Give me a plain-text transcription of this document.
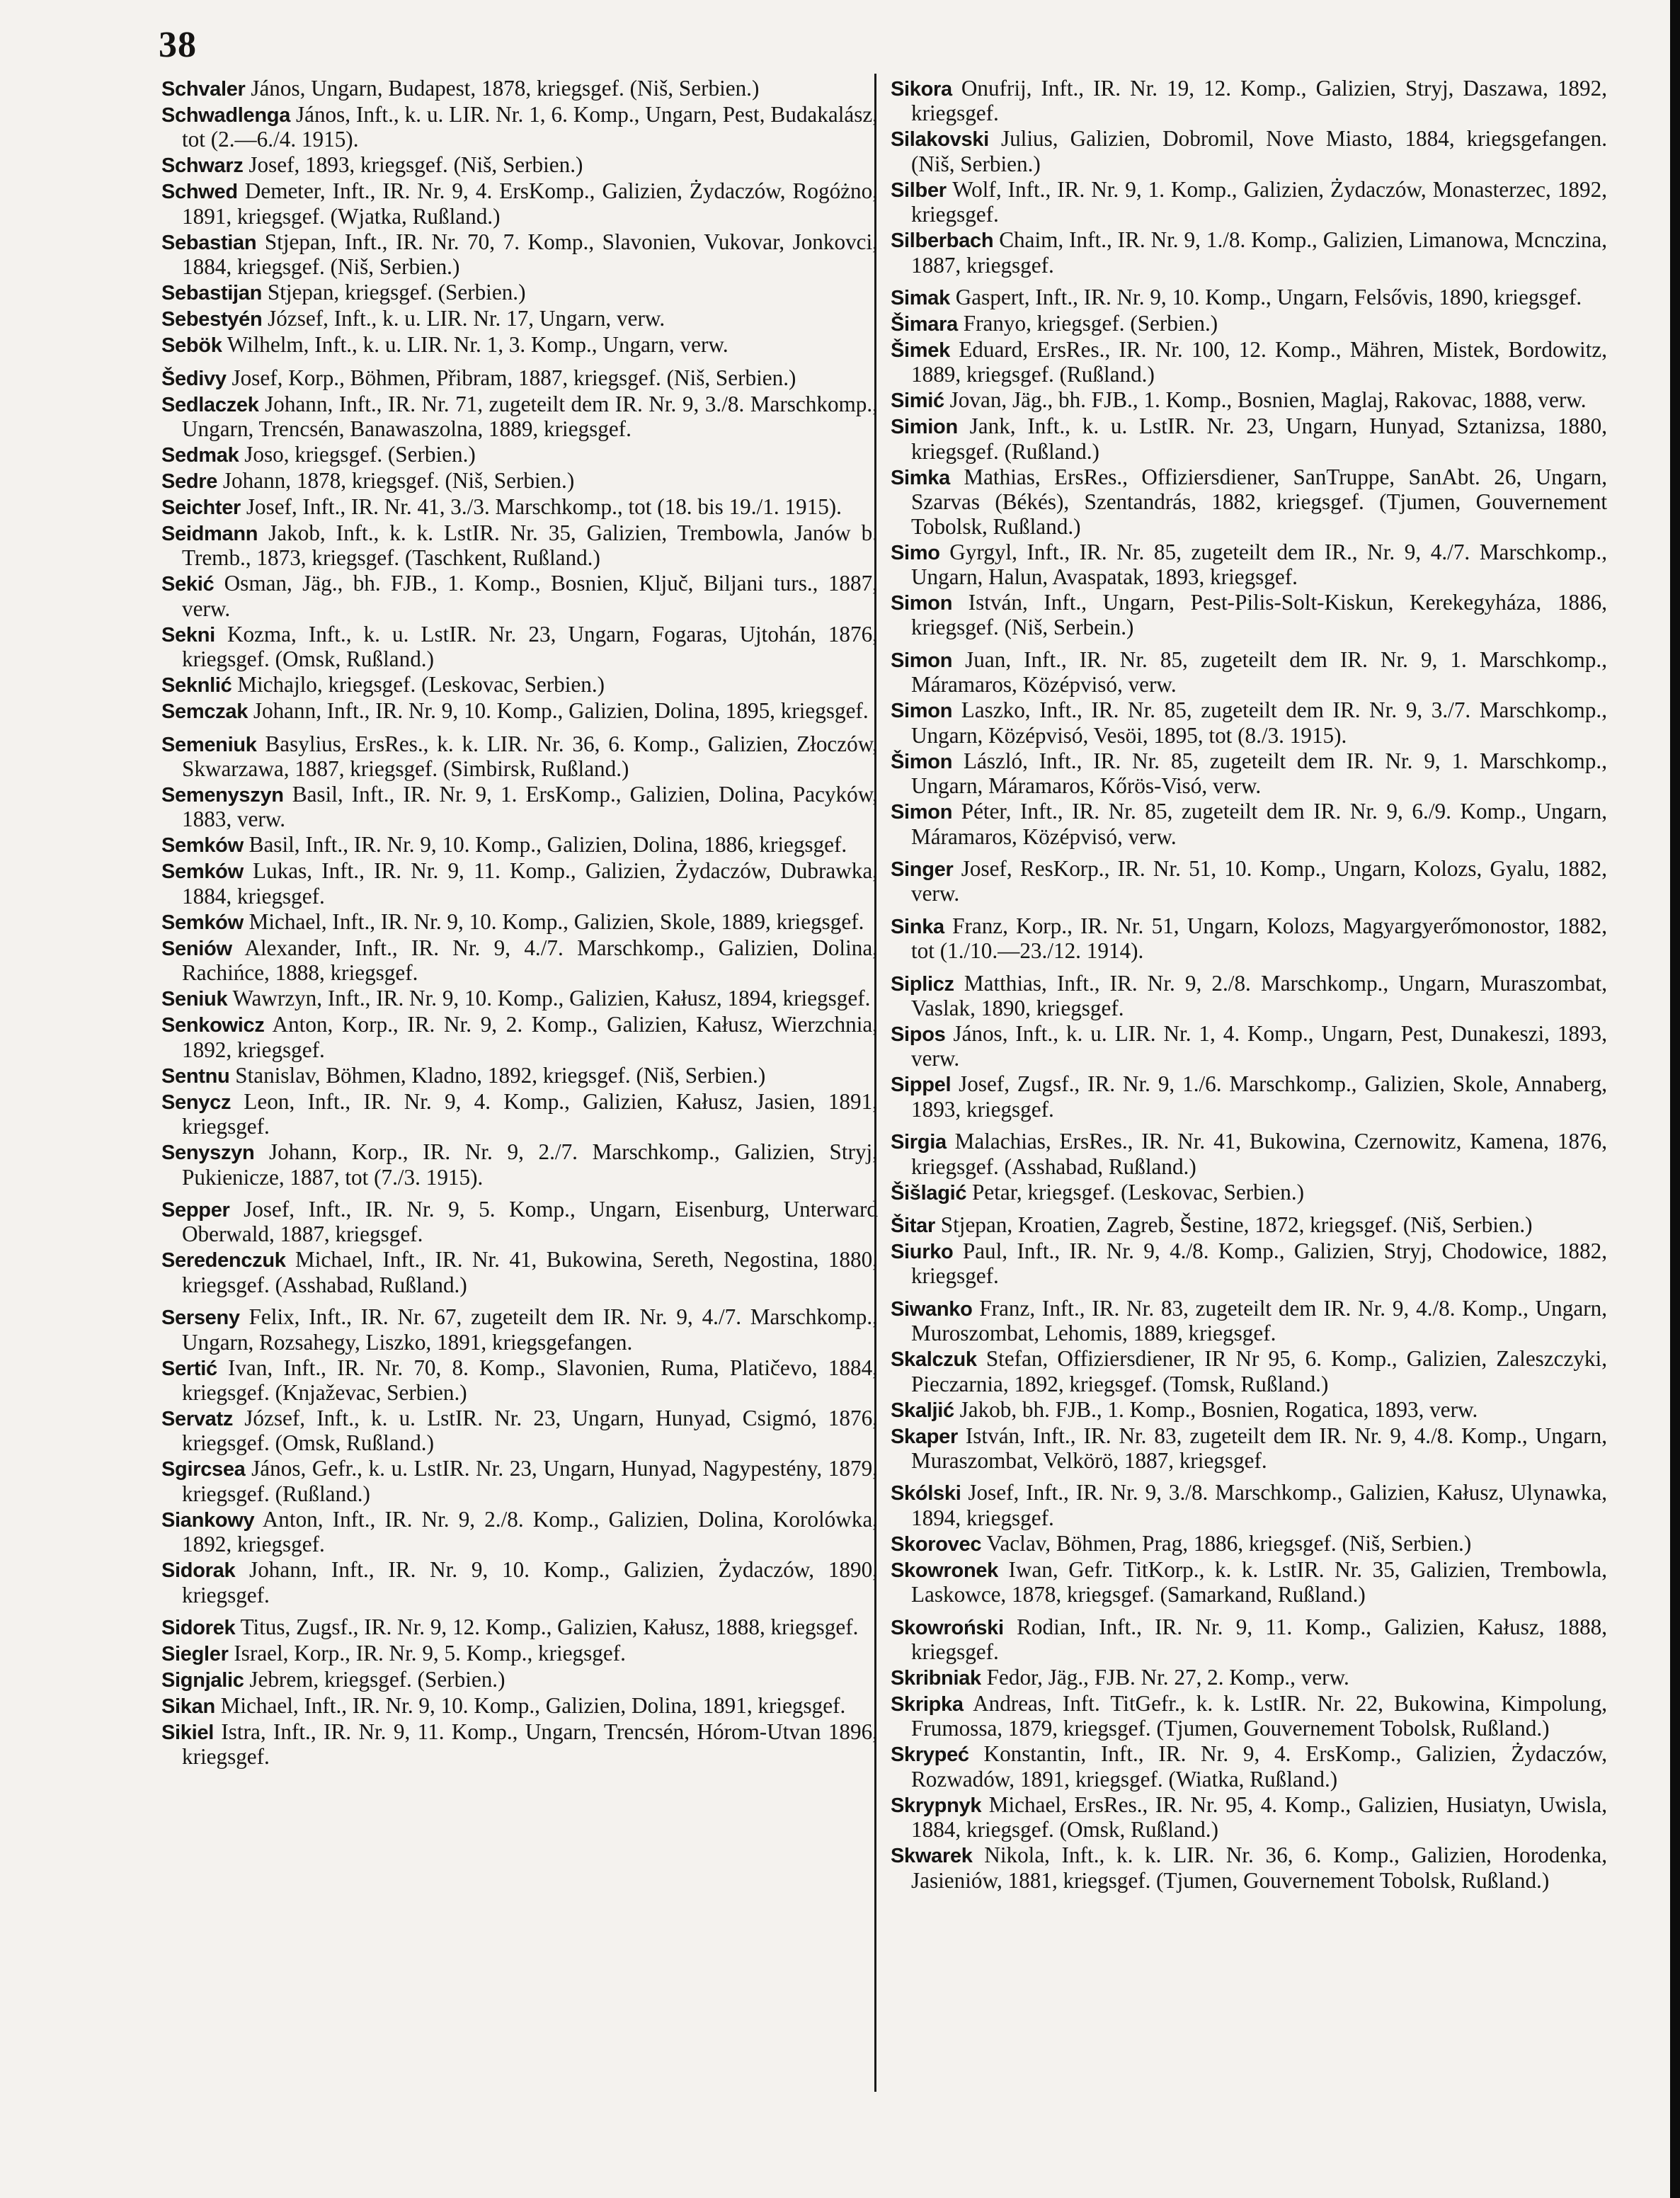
38

Schvaler János, Ungarn, Budapest, 1878, kriegsgef. (Niš, Serbien.)

Schwadlenga János, Inft., k. u. LIR. Nr. 1, 6. Komp., Ungarn, Pest, Budakalász, tot (2.—6./4. 1915).

Schwarz Josef, 1893, kriegsgef. (Niš, Serbien.)

Schwed Demeter, Inft., IR. Nr. 9, 4. ErsKomp., Galizien, Żydaczów, Rogóżno, 1891, kriegsgef. (Wjatka, Rußland.)

Sebastian Stjepan, Inft., IR. Nr. 70, 7. Komp., Slavonien, Vukovar, Jonkovci, 1884, kriegsgef. (Niš, Serbien.)

Sebastijan Stjepan, kriegsgef. (Serbien.)

Sebestyén József, Inft., k. u. LIR. Nr. 17, Ungarn, verw.

Sebök Wilhelm, Inft., k. u. LIR. Nr. 1, 3. Komp., Ungarn, verw.

Šedivy Josef, Korp., Böhmen, Přibram, 1887, kriegsgef. (Niš, Serbien.)

Sedlaczek Johann, Inft., IR. Nr. 71, zugeteilt dem IR. Nr. 9, 3./8. Marschkomp., Ungarn, Trencsén, Banawaszolna, 1889, kriegsgef.

Sedmak Joso, kriegsgef. (Serbien.)

Sedre Johann, 1878, kriegsgef. (Niš, Serbien.)

Seichter Josef, Inft., IR. Nr. 41, 3./3. Marschkomp., tot (18. bis 19./1. 1915).

Seidmann Jakob, Inft., k. k. LstIR. Nr. 35, Galizien, Trembowla, Janów b. Tremb., 1873, kriegsgef. (Taschkent, Rußland.)

Sekić Osman, Jäg., bh. FJB., 1. Komp., Bosnien, Ključ, Biljani turs., 1887, verw.

Sekni Kozma, Inft., k. u. LstIR. Nr. 23, Ungarn, Fogaras, Ujtohán, 1876, kriegsgef. (Omsk, Rußland.)

Seknlić Michajlo, kriegsgef. (Leskovac, Serbien.)

Semczak Johann, Inft., IR. Nr. 9, 10. Komp., Galizien, Dolina, 1895, kriegsgef.

Semeniuk Basylius, ErsRes., k. k. LIR. Nr. 36, 6. Komp., Galizien, Złoczów, Skwarzawa, 1887, kriegsgef. (Simbirsk, Rußland.)

Semenyszyn Basil, Inft., IR. Nr. 9, 1. ErsKomp., Galizien, Dolina, Pacyków, 1883, verw.

Semków Basil, Inft., IR. Nr. 9, 10. Komp., Galizien, Dolina, 1886, kriegsgef.

Semków Lukas, Inft., IR. Nr. 9, 11. Komp., Galizien, Żydaczów, Dubrawka, 1884, kriegsgef.

Semków Michael, Inft., IR. Nr. 9, 10. Komp., Galizien, Skole, 1889, kriegsgef.

Seniów Alexander, Inft., IR. Nr. 9, 4./7. Marschkomp., Galizien, Dolina, Rachińce, 1888, kriegsgef.

Seniuk Wawrzyn, Inft., IR. Nr. 9, 10. Komp., Galizien, Kałusz, 1894, kriegsgef.

Senkowicz Anton, Korp., IR. Nr. 9, 2. Komp., Galizien, Kałusz, Wierzchnia, 1892, kriegsgef.

Sentnu Stanislav, Böhmen, Kladno, 1892, kriegsgef. (Niš, Serbien.)

Senycz Leon, Inft., IR. Nr. 9, 4. Komp., Galizien, Kałusz, Jasien, 1891, kriegsgef.

Senyszyn Johann, Korp., IR. Nr. 9, 2./7. Marschkomp., Galizien, Stryj, Pukienicze, 1887, tot (7./3. 1915).

Sepper Josef, Inft., IR. Nr. 9, 5. Komp., Ungarn, Eisenburg, Unterward Oberwald, 1887, kriegsgef.

Seredenczuk Michael, Inft., IR. Nr. 41, Bukowina, Sereth, Negostina, 1880, kriegsgef. (Asshabad, Rußland.)

Serseny Felix, Inft., IR. Nr. 67, zugeteilt dem IR. Nr. 9, 4./7. Marschkomp., Ungarn, Rozsahegy, Liszko, 1891, kriegsgefangen.

Sertić Ivan, Inft., IR. Nr. 70, 8. Komp., Slavonien, Ruma, Platičevo, 1884, kriegsgef. (Knjaževac, Serbien.)

Servatz József, Inft., k. u. LstIR. Nr. 23, Ungarn, Hunyad, Csigmó, 1876, kriegsgef. (Omsk, Rußland.)

Sgircsea János, Gefr., k. u. LstIR. Nr. 23, Ungarn, Hunyad, Nagypestény, 1879, kriegsgef. (Rußland.)

Siankowy Anton, Inft., IR. Nr. 9, 2./8. Komp., Galizien, Dolina, Korolówka, 1892, kriegsgef.

Sidorak Johann, Inft., IR. Nr. 9, 10. Komp., Galizien, Żydaczów, 1890, kriegsgef.

Sidorek Titus, Zugsf., IR. Nr. 9, 12. Komp., Galizien, Kałusz, 1888, kriegsgef.

Siegler Israel, Korp., IR. Nr. 9, 5. Komp., kriegsgef.

Signjalic Jebrem, kriegsgef. (Serbien.)

Sikan Michael, Inft., IR. Nr. 9, 10. Komp., Galizien, Dolina, 1891, kriegsgef.

Sikiel Istra, Inft., IR. Nr. 9, 11. Komp., Ungarn, Trencsén, Hórom-Utvan 1896, kriegsgef.

Sikora Onufrij, Inft., IR. Nr. 19, 12. Komp., Galizien, Stryj, Daszawa, 1892, kriegsgef.

Silakovski Julius, Galizien, Dobromil, Nove Miasto, 1884, kriegsgefangen. (Niš, Serbien.)

Silber Wolf, Inft., IR. Nr. 9, 1. Komp., Galizien, Żydaczów, Monasterzec, 1892, kriegsgef.

Silberbach Chaim, Inft., IR. Nr. 9, 1./8. Komp., Galizien, Limanowa, Mcnczina, 1887, kriegsgef.

Simak Gaspert, Inft., IR. Nr. 9, 10. Komp., Ungarn, Felsővis, 1890, kriegsgef.

Šimara Franyo, kriegsgef. (Serbien.)

Šimek Eduard, ErsRes., IR. Nr. 100, 12. Komp., Mähren, Mistek, Bordowitz, 1889, kriegsgef. (Rußland.)

Simić Jovan, Jäg., bh. FJB., 1. Komp., Bosnien, Maglaj, Rakovac, 1888, verw.

Simion Jank, Inft., k. u. LstIR. Nr. 23, Ungarn, Hunyad, Sztanizsa, 1880, kriegsgef. (Rußland.)

Simka Mathias, ErsRes., Offiziersdiener, SanTruppe, SanAbt. 26, Ungarn, Szarvas (Békés), Szentandrás, 1882, kriegsgef. (Tjumen, Gouvernement Tobolsk, Rußland.)

Simo Gyrgyl, Inft., IR. Nr. 85, zugeteilt dem IR., Nr. 9, 4./7. Marschkomp., Ungarn, Halun, Avaspatak, 1893, kriegsgef.

Simon István, Inft., Ungarn, Pest-Pilis-Solt-Kiskun, Kerekegyháza, 1886, kriegsgef. (Niš, Serbein.)

Simon Juan, Inft., IR. Nr. 85, zugeteilt dem IR. Nr. 9, 1. Marschkomp., Máramaros, Középvisó, verw.

Simon Laszko, Inft., IR. Nr. 85, zugeteilt dem IR. Nr. 9, 3./7. Marschkomp., Ungarn, Középvisó, Vesöi, 1895, tot (8./3. 1915).

Šimon László, Inft., IR. Nr. 85, zugeteilt dem IR. Nr. 9, 1. Marschkomp., Ungarn, Máramaros, Kőrös-Visó, verw.

Simon Péter, Inft., IR. Nr. 85, zugeteilt dem IR. Nr. 9, 6./9. Komp., Ungarn, Máramaros, Középvisó, verw.

Singer Josef, ResKorp., IR. Nr. 51, 10. Komp., Ungarn, Kolozs, Gyalu, 1882, verw.

Sinka Franz, Korp., IR. Nr. 51, Ungarn, Kolozs, Magyargyerőmonostor, 1882, tot (1./10.—23./12. 1914).

Siplicz Matthias, Inft., IR. Nr. 9, 2./8. Marschkomp., Ungarn, Muraszombat, Vaslak, 1890, kriegsgef.

Sipos János, Inft., k. u. LIR. Nr. 1, 4. Komp., Ungarn, Pest, Dunakeszi, 1893, verw.

Sippel Josef, Zugsf., IR. Nr. 9, 1./6. Marschkomp., Galizien, Skole, Annaberg, 1893, kriegsgef.

Sirgia Malachias, ErsRes., IR. Nr. 41, Bukowina, Czernowitz, Kamena, 1876, kriegsgef. (Asshabad, Rußland.)

Šišlagić Petar, kriegsgef. (Leskovac, Serbien.)

Šitar Stjepan, Kroatien, Zagreb, Šestine, 1872, kriegsgef. (Niš, Serbien.)

Siurko Paul, Inft., IR. Nr. 9, 4./8. Komp., Galizien, Stryj, Chodowice, 1882, kriegsgef.

Siwanko Franz, Inft., IR. Nr. 83, zugeteilt dem IR. Nr. 9, 4./8. Komp., Ungarn, Muroszombat, Lehomis, 1889, kriegsgef.

Skalczuk Stefan, Offiziersdiener, IR Nr 95, 6. Komp., Galizien, Zaleszczyki, Pieczarnia, 1892, kriegsgef. (Tomsk, Rußland.)

Skaljić Jakob, bh. FJB., 1. Komp., Bosnien, Rogatica, 1893, verw.

Skaper István, Inft., IR. Nr. 83, zugeteilt dem IR. Nr. 9, 4./8. Komp., Ungarn, Muraszombat, Velkörö, 1887, kriegsgef.

Skólski Josef, Inft., IR. Nr. 9, 3./8. Marschkomp., Galizien, Kałusz, Ulynawka, 1894, kriegsgef.

Skorovec Vaclav, Böhmen, Prag, 1886, kriegsgef. (Niš, Serbien.)

Skowronek Iwan, Gefr. TitKorp., k. k. LstIR. Nr. 35, Galizien, Trembowla, Laskowce, 1878, kriegsgef. (Samarkand, Rußland.)

Skowroński Rodian, Inft., IR. Nr. 9, 11. Komp., Galizien, Kałusz, 1888, kriegsgef.

Skribniak Fedor, Jäg., FJB. Nr. 27, 2. Komp., verw.

Skripka Andreas, Inft. TitGefr., k. k. LstIR. Nr. 22, Bukowina, Kimpolung, Frumossa, 1879, kriegsgef. (Tjumen, Gouvernement Tobolsk, Rußland.)

Skrypeć Konstantin, Inft., IR. Nr. 9, 4. ErsKomp., Galizien, Żydaczów, Rozwadów, 1891, kriegsgef. (Wiatka, Rußland.)

Skrypnyk Michael, ErsRes., IR. Nr. 95, 4. Komp., Galizien, Husiatyn, Uwisla, 1884, kriegsgef. (Omsk, Rußland.)

Skwarek Nikola, Inft., k. k. LIR. Nr. 36, 6. Komp., Galizien, Horodenka, Jasieniów, 1881, kriegsgef. (Tjumen, Gouvernement Tobolsk, Rußland.)
